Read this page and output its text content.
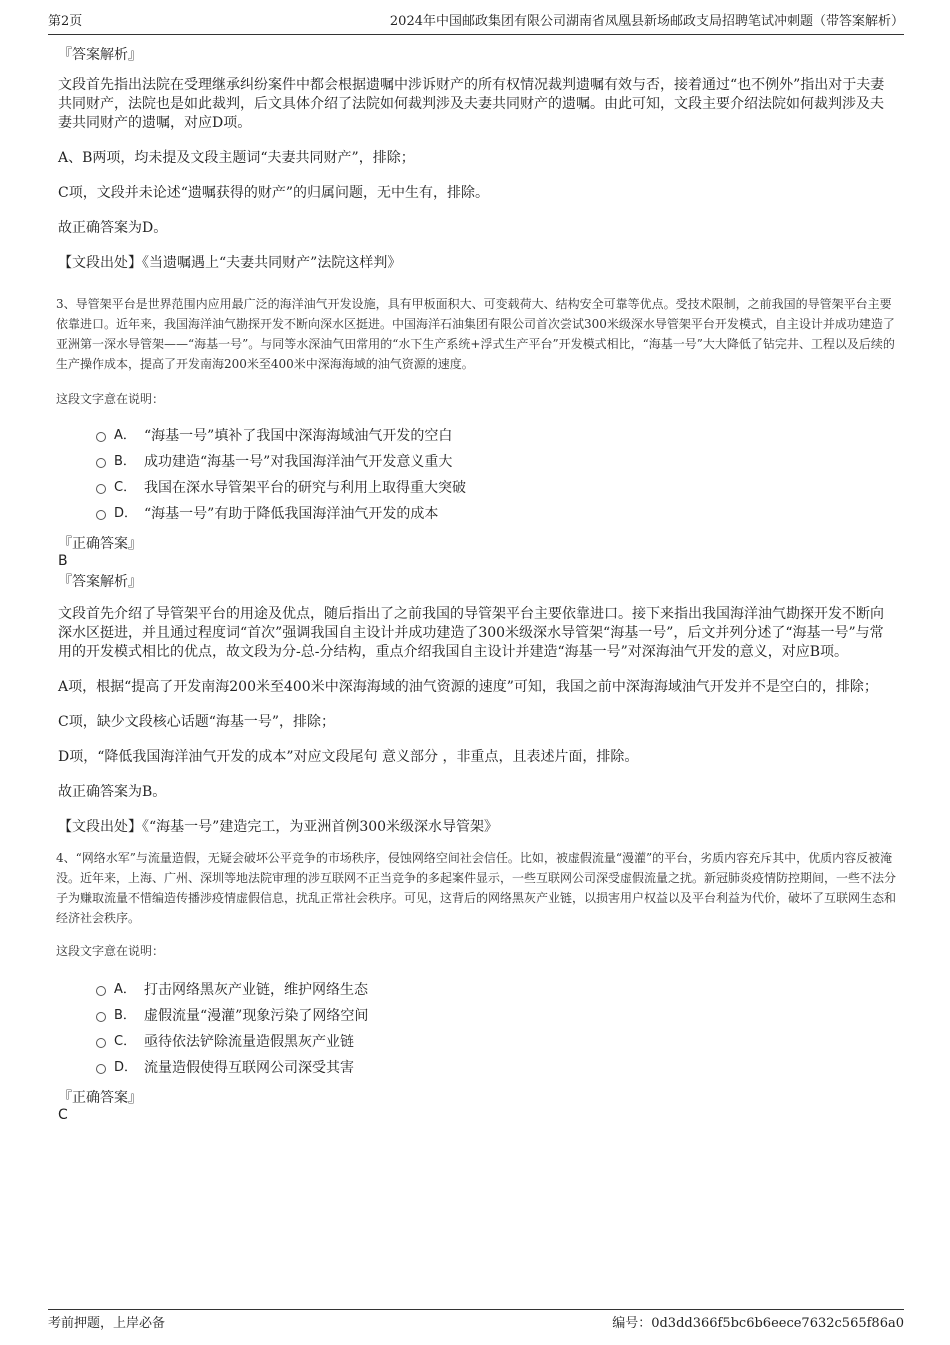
第2页	2024年中国邮政集团有限公司湖南省凤凰县新场邮政支局招聘笔试冲刺题（带答案解析）
『答案解析』

文段首先指出法院在受理继承纠纷案件中都会根据遗嘱中涉诉财产的所有权情况裁判遗嘱有效与否，接着通过“也不例外”指出对于夫妻共同财产，法院也是如此裁判，后文具体介绍了法院如何裁判涉及夫妻共同财产的遗嘱。由此可知，文段主要介绍法院如何裁判涉及夫妻共同财产的遗嘱，对应D项。

A、B两项，均未提及文段主题词“夫妻共同财产”，排除；

C项，文段并未论述“遗嘱获得的财产”的归属问题，无中生有，排除。

故正确答案为D。

【文段出处】《当遗嘱遇上“夫妻共同财产”法院这样判》

3、导管架平台是世界范围内应用最广泛的海洋油气开发设施，具有甲板面积大、可变载荷大、结构安全可靠等优点。受技术限制，之前我国的导管架平台主要依靠进口。近年来，我国海洋油气勘探开发不断向深水区挺进。中国海洋石油集团有限公司首次尝试300米级深水导管架平台开发模式，自主设计并成功建造了亚洲第一深水导管架——“海基一号”。与同等水深油气田常用的“水下生产系统+浮式生产平台”开发模式相比，“海基一号”大大降低了钻完井、工程以及后续的生产操作成本，提高了开发南海200米至400米中深海海域的油气资源的速度。

这段文字意在说明：

A． “海基一号”填补了我国中深海海域油气开发的空白
B． 成功建造“海基一号”对我国海洋油气开发意义重大
C． 我国在深水导管架平台的研究与利用上取得重大突破
D． “海基一号”有助于降低我国海洋油气开发的成本
『正确答案』
B
『答案解析』

文段首先介绍了导管架平台的用途及优点，随后指出了之前我国的导管架平台主要依靠进口。接下来指出我国海洋油气勘探开发不断向深水区挺进，并且通过程度词“首次”强调我国自主设计并成功建造了300米级深水导管架“海基一号”，后文并列分述了“海基一号”与常用的开发模式相比的优点，故文段为分-总-分结构，重点介绍我国自主设计并建造“海基一号”对深海油气开发的意义，对应B项。

A项，根据“提高了开发南海200米至400米中深海海域的油气资源的速度”可知，我国之前中深海海域油气开发并不是空白的，排除；

C项，缺少文段核心话题“海基一号”，排除；

D项，“降低我国海洋油气开发的成本”对应文段尾句 意义部分 ，非重点，且表述片面，排除。

故正确答案为B。

【文段出处】《“海基一号”建造完工，为亚洲首例300米级深水导管架》

4、“网络水军”与流量造假，无疑会破坏公平竞争的市场秩序，侵蚀网络空间社会信任。比如，被虚假流量“漫灌”的平台，劣质内容充斥其中，优质内容反被淹没。近年来，上海、广州、深圳等地法院审理的涉互联网不正当竞争的多起案件显示，一些互联网公司深受虚假流量之扰。新冠肺炎疫情防控期间，一些不法分子为赚取流量不惜编造传播涉疫情虚假信息，扰乱正常社会秩序。可见，这背后的网络黑灰产业链，以损害用户权益以及平台利益为代价，破坏了互联网生态和经济社会秩序。

这段文字意在说明：

A． 打击网络黑灰产业链，维护网络生态
B． 虚假流量“漫灌”现象污染了网络空间
C． 亟待依法铲除流量造假黑灰产业链
D． 流量造假使得互联网公司深受其害
『正确答案』
C
考前押题，上岸必备	编号：0d3dd366f5bc6b6eece7632c565f86a0
